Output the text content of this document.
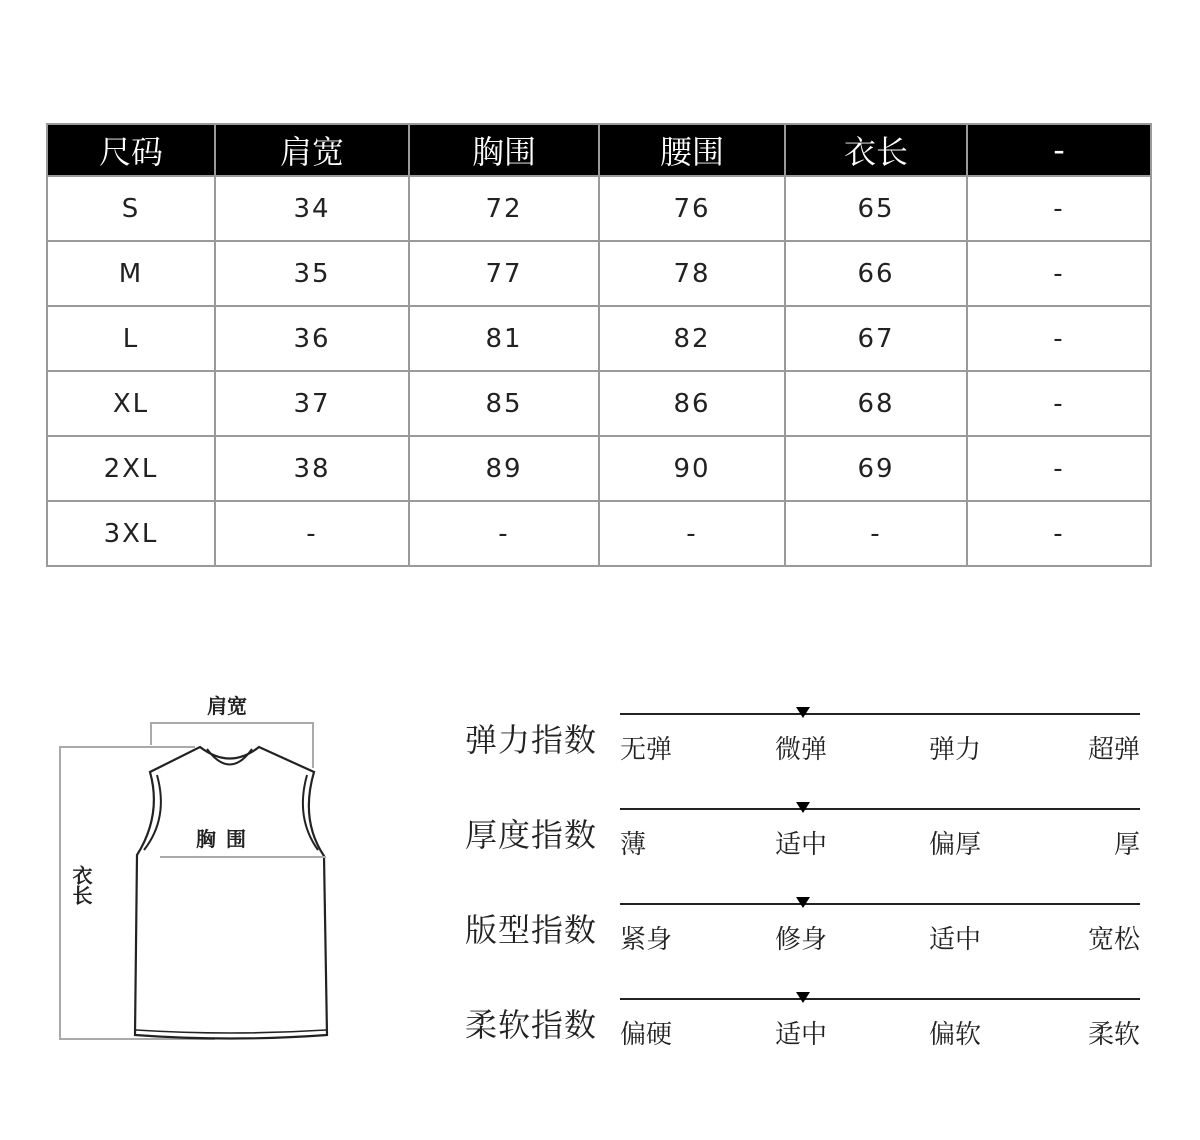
尺码	肩宽	胸围	腰围	衣长	-
S	34	72	76	65	-
M	35	77	78	66	-
L	36	81	82	67	-
XL	37	85	86	68	-
2XL	38	89	90	69	-
3XL	-	-	-	-	-
肩宽
胸围
衣长
弹力指数 无弹	微弹	弹力	超弹
厚度指数 薄	适中	偏厚	厚
版型指数 紧身	修身	适中	宽松
柔软指数 偏硬	适中	偏软	柔软
